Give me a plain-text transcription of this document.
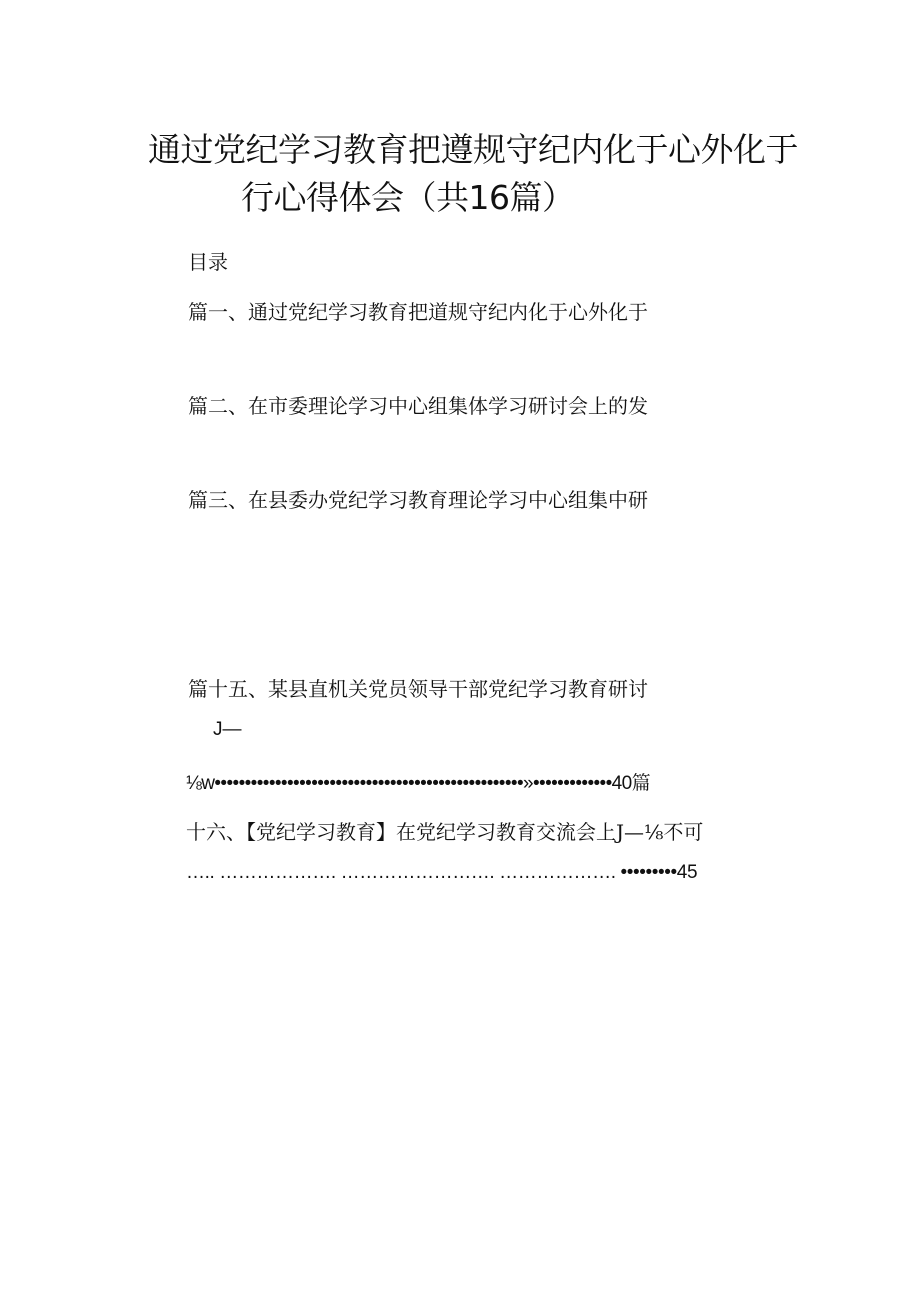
通过党纪学习教育把遵规守纪内化于心外化于
行心得体会（共16篇）
目录
篇一、通过党纪学习教育把道规守纪内化于心外化于
篇二、在市委理论学习中心组集体学习研讨会上的发
篇三、在县委办党纪学习教育理论学习中心组集中研
篇十五、某县直机关党员领导干部党纪学习教育研讨
J—
⅛w•••••••••••••••••••••••••••••••••••••••••••••••••••»•••••••••••••40篇
十六、【党纪学习教育】在党纪学习教育交流会上J—⅛不可
….. ………………. ……………………. ………………. •••••••••45
